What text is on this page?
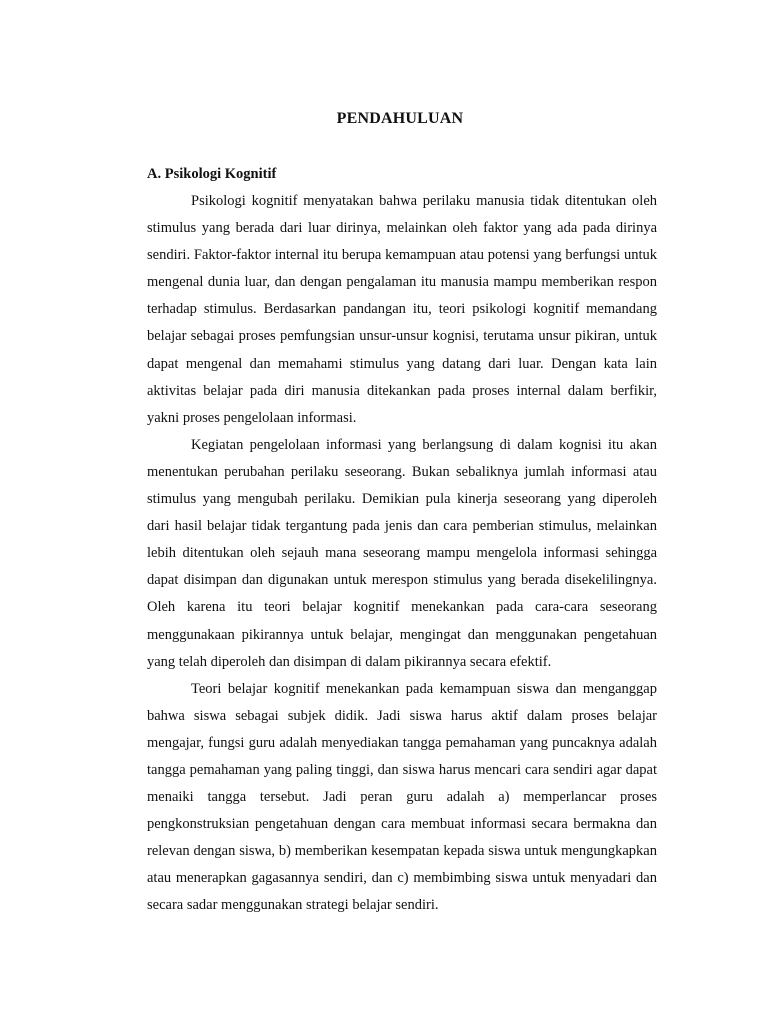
PENDAHULUAN
A. Psikologi Kognitif

Psikologi kognitif menyatakan bahwa perilaku manusia tidak ditentukan oleh stimulus yang berada dari luar dirinya, melainkan oleh faktor yang ada pada dirinya sendiri. Faktor-faktor internal itu berupa kemampuan atau potensi yang berfungsi untuk mengenal dunia luar, dan dengan pengalaman itu manusia mampu memberikan respon terhadap stimulus. Berdasarkan pandangan itu, teori psikologi kognitif memandang belajar sebagai proses pemfungsian unsur-unsur kognisi, terutama unsur pikiran, untuk dapat mengenal dan memahami stimulus yang datang dari luar. Dengan kata lain aktivitas belajar pada diri manusia ditekankan pada proses internal dalam berfikir, yakni proses pengelolaan informasi.

Kegiatan pengelolaan informasi yang berlangsung di dalam kognisi itu akan menentukan perubahan perilaku seseorang. Bukan sebaliknya jumlah informasi atau stimulus yang mengubah perilaku. Demikian pula kinerja seseorang yang diperoleh dari hasil belajar tidak tergantung pada jenis dan cara pemberian stimulus, melainkan lebih ditentukan oleh sejauh mana seseorang mampu mengelola informasi sehingga dapat disimpan dan digunakan untuk merespon stimulus yang berada disekelilingnya. Oleh karena itu teori belajar kognitif menekankan pada cara-cara seseorang menggunakaan pikirannya untuk belajar, mengingat dan menggunakan pengetahuan yang telah diperoleh dan disimpan di dalam pikirannya secara efektif.

Teori belajar kognitif menekankan pada kemampuan siswa dan menganggap bahwa siswa sebagai subjek didik. Jadi siswa harus aktif dalam proses belajar mengajar, fungsi guru adalah menyediakan tangga pemahaman yang puncaknya adalah tangga pemahaman yang paling tinggi, dan siswa harus mencari cara sendiri agar dapat menaiki tangga tersebut. Jadi peran guru adalah a) memperlancar proses pengkonstruksian pengetahuan dengan cara membuat informasi secara bermakna dan relevan dengan siswa, b) memberikan kesempatan kepada siswa untuk mengungkapkan atau menerapkan gagasannya sendiri, dan c) membimbing siswa untuk menyadari dan secara sadar menggunakan strategi belajar sendiri.
